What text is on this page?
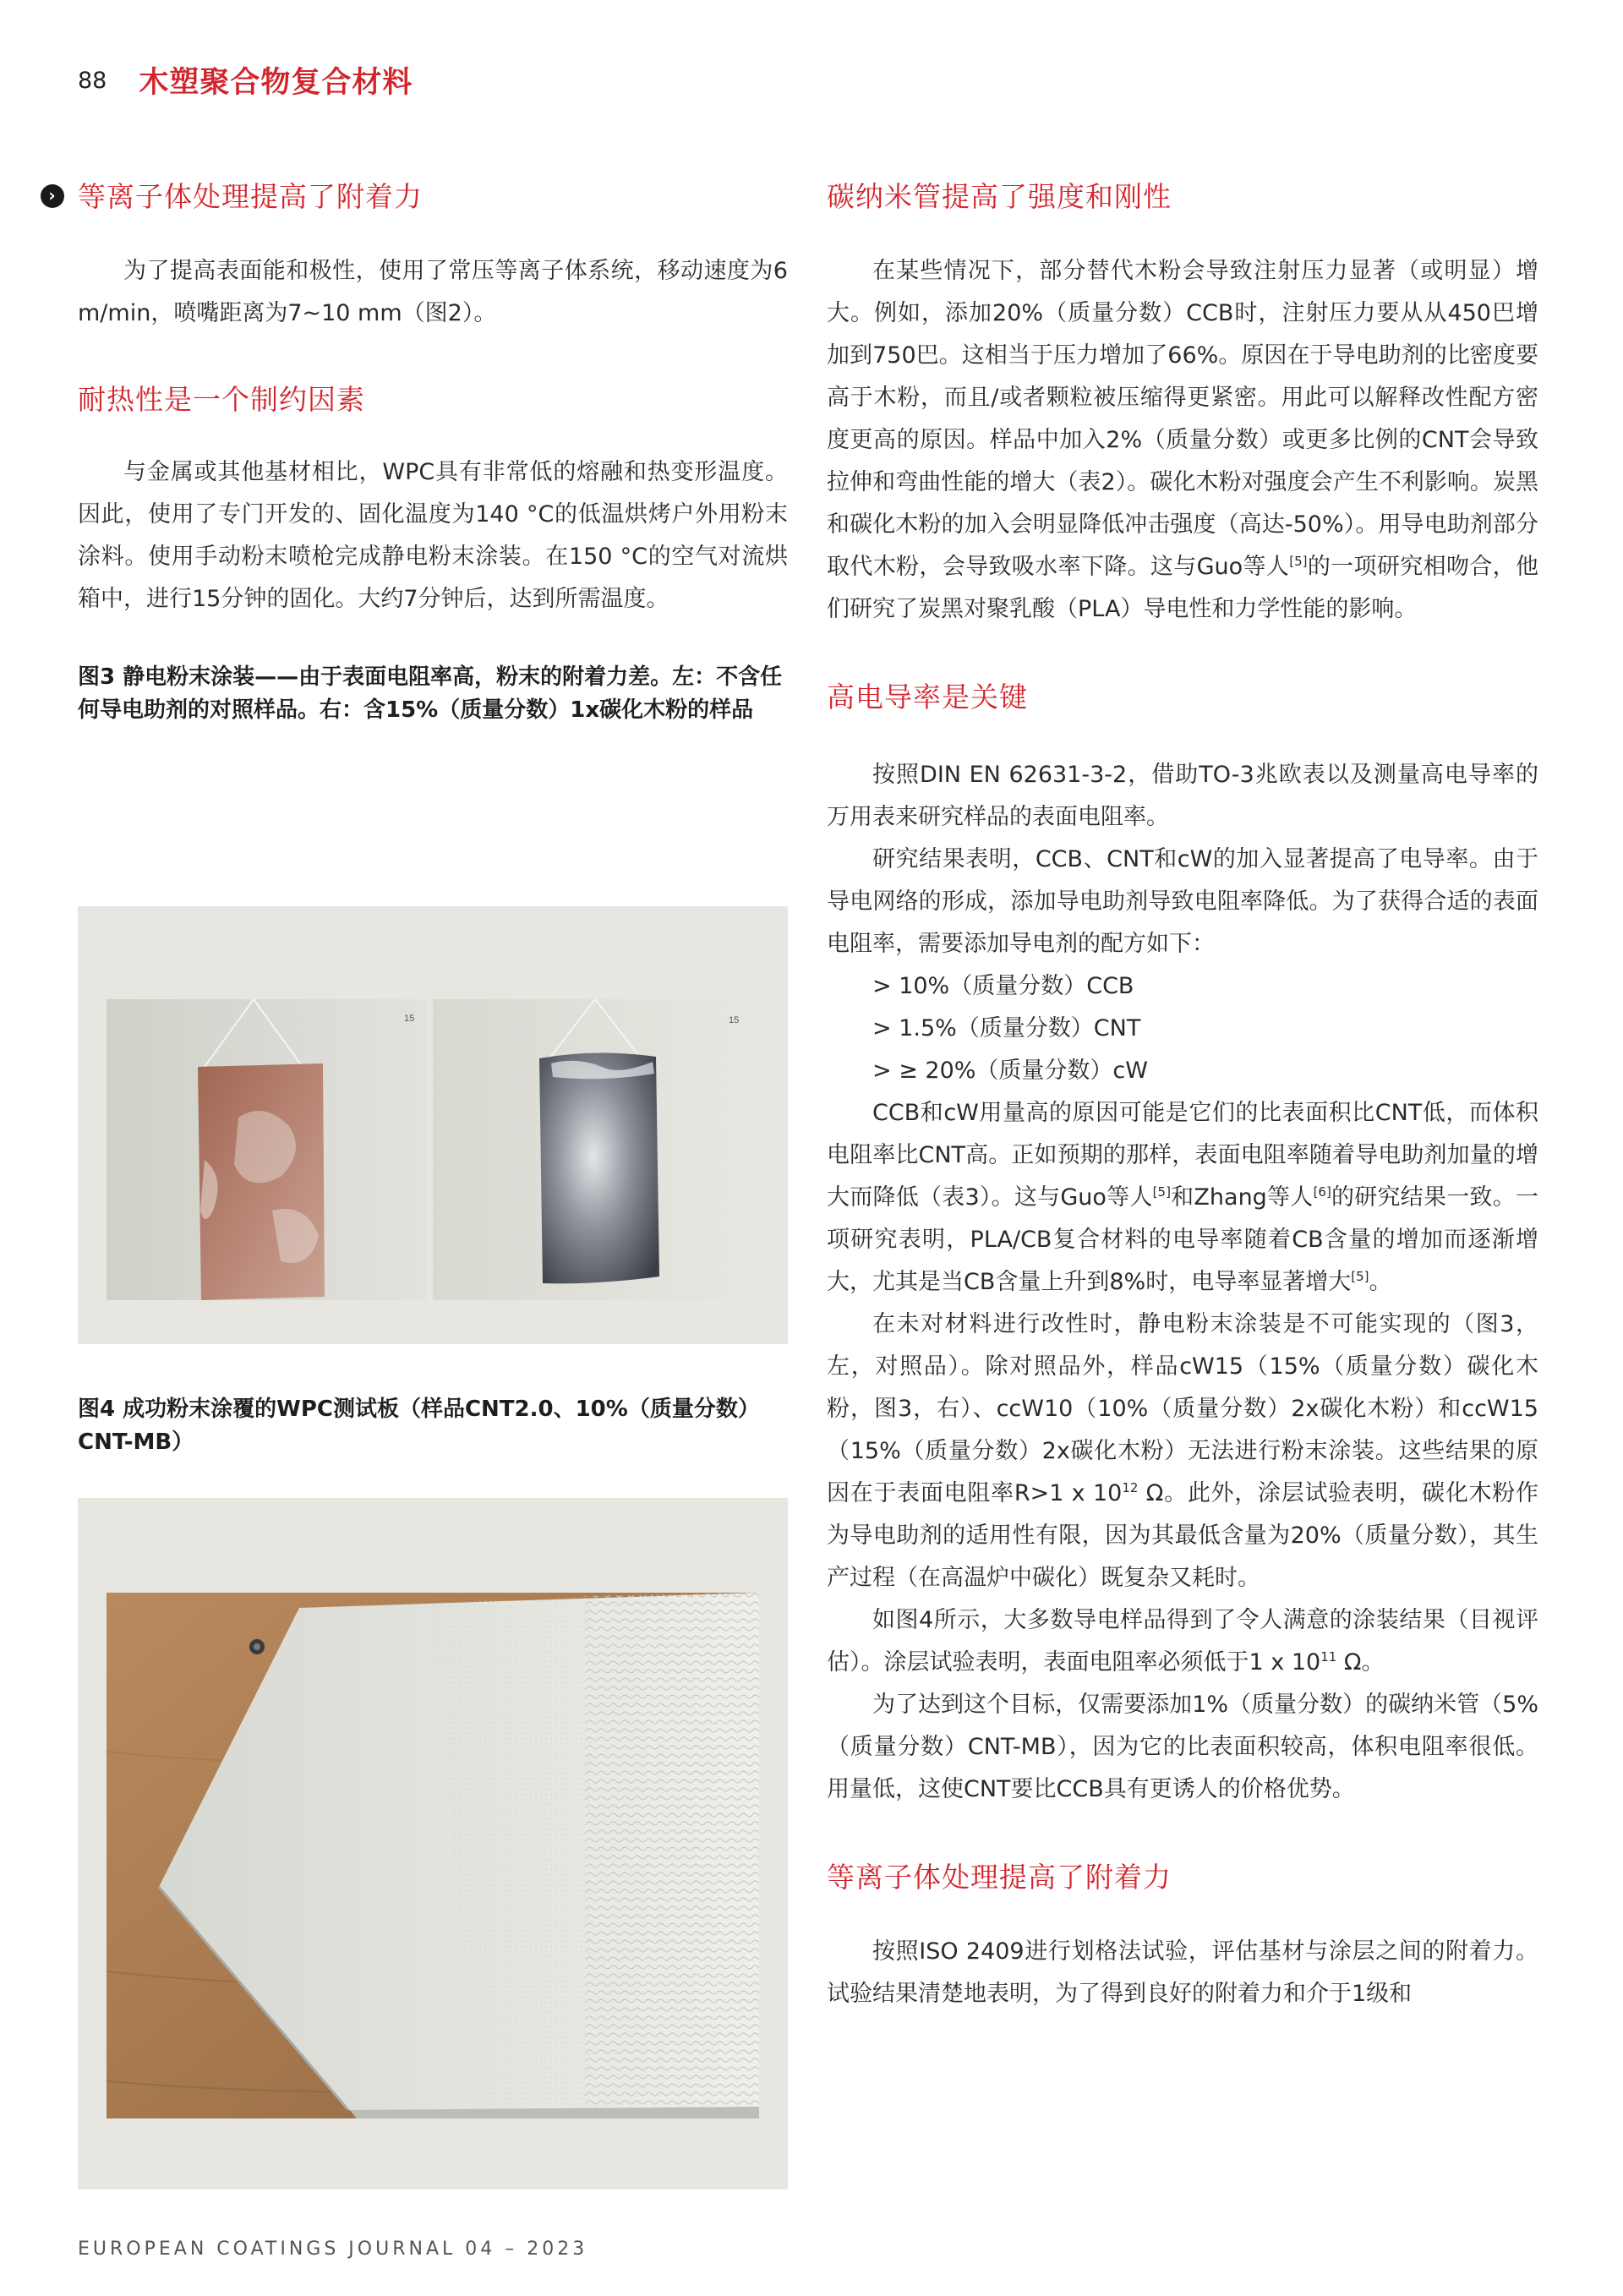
88 木塑聚合物复合材料
› 等离子体处理提高了附着力

为了提高表面能和极性，使用了常压等离子体系统，移动速度为6 m/min，喷嘴距离为7~10 mm（图2）。

耐热性是一个制约因素

与金属或其他基材相比，WPC具有非常低的熔融和热变形温度。因此，使用了专门开发的、固化温度为140 °C的低温烘烤户外用粉末涂料。使用手动粉末喷枪完成静电粉末涂装。在150 °C的空气对流烘箱中，进行15分钟的固化。大约7分钟后，达到所需温度。

图3 静电粉末涂装——由于表面电阻率高，粉末的附着力差。左：不含任何导电助剂的对照样品。右：含15%（质量分数）1x碳化木粉的样品

15	15

图4 成功粉末涂覆的WPC测试板（样品CNT2.0、10%（质量分数）CNT-MB）

碳纳米管提高了强度和刚性

在某些情况下，部分替代木粉会导致注射压力显著（或明显）增大。例如，添加20%（质量分数）CCB时，注射压力要从从450巴增加到750巴。这相当于压力增加了66%。原因在于导电助剂的比密度要高于木粉，而且/或者颗粒被压缩得更紧密。用此可以解释改性配方密度更高的原因。样品中加入2%（质量分数）或更多比例的CNT会导致拉伸和弯曲性能的增大（表2）。碳化木粉对强度会产生不利影响。炭黑和碳化木粉的加入会明显降低冲击强度（高达-50%）。用导电助剂部分取代木粉，会导致吸水率下降。这与Guo等人[5]的一项研究相吻合，他们研究了炭黑对聚乳酸（PLA）导电性和力学性能的影响。

高电导率是关键

按照DIN EN 62631-3-2，借助TO-3兆欧表以及测量高电导率的万用表来研究样品的表面电阻率。

研究结果表明，CCB、CNT和cW的加入显著提高了电导率。由于导电网络的形成，添加导电助剂导致电阻率降低。为了获得合适的表面电阻率，需要添加导电剂的配方如下：

> 10%（质量分数）CCB

> 1.5%（质量分数）CNT

> ≥ 20%（质量分数）cW

CCB和cW用量高的原因可能是它们的比表面积比CNT低，而体积电阻率比CNT高。正如预期的那样，表面电阻率随着导电助剂加量的增大而降低（表3）。这与Guo等人[5]和Zhang等人[6]的研究结果一致。一项研究表明，PLA/CB复合材料的电导率随着CB含量的增加而逐渐增大，尤其是当CB含量上升到8%时，电导率显著增大[5]。

在未对材料进行改性时，静电粉末涂装是不可能实现的（图3，左，对照品）。除对照品外，样品cW15（15%（质量分数）碳化木粉，图3，右）、ccW10（10%（质量分数）2x碳化木粉）和ccW15（15%（质量分数）2x碳化木粉）无法进行粉末涂装。这些结果的原因在于表面电阻率R>1 x $10^{12}$ Ω。此外，涂层试验表明，碳化木粉作为导电助剂的适用性有限，因为其最低含量为20%（质量分数），其生产过程（在高温炉中碳化）既复杂又耗时。

如图4所示，大多数导电样品得到了令人满意的涂装结果（目视评估）。涂层试验表明，表面电阻率必须低于1 x $10^{11}$ Ω。

为了达到这个目标，仅需要添加1%（质量分数）的碳纳米管（5%（质量分数）CNT-MB），因为它的比表面积较高，体积电阻率很低。用量低，这使CNT要比CCB具有更诱人的价格优势。

等离子体处理提高了附着力

按照ISO 2409进行划格法试验，评估基材与涂层之间的附着力。试验结果清楚地表明，为了得到良好的附着力和介于1级和

EUROPEAN COATINGS JOURNAL 04 – 2023
